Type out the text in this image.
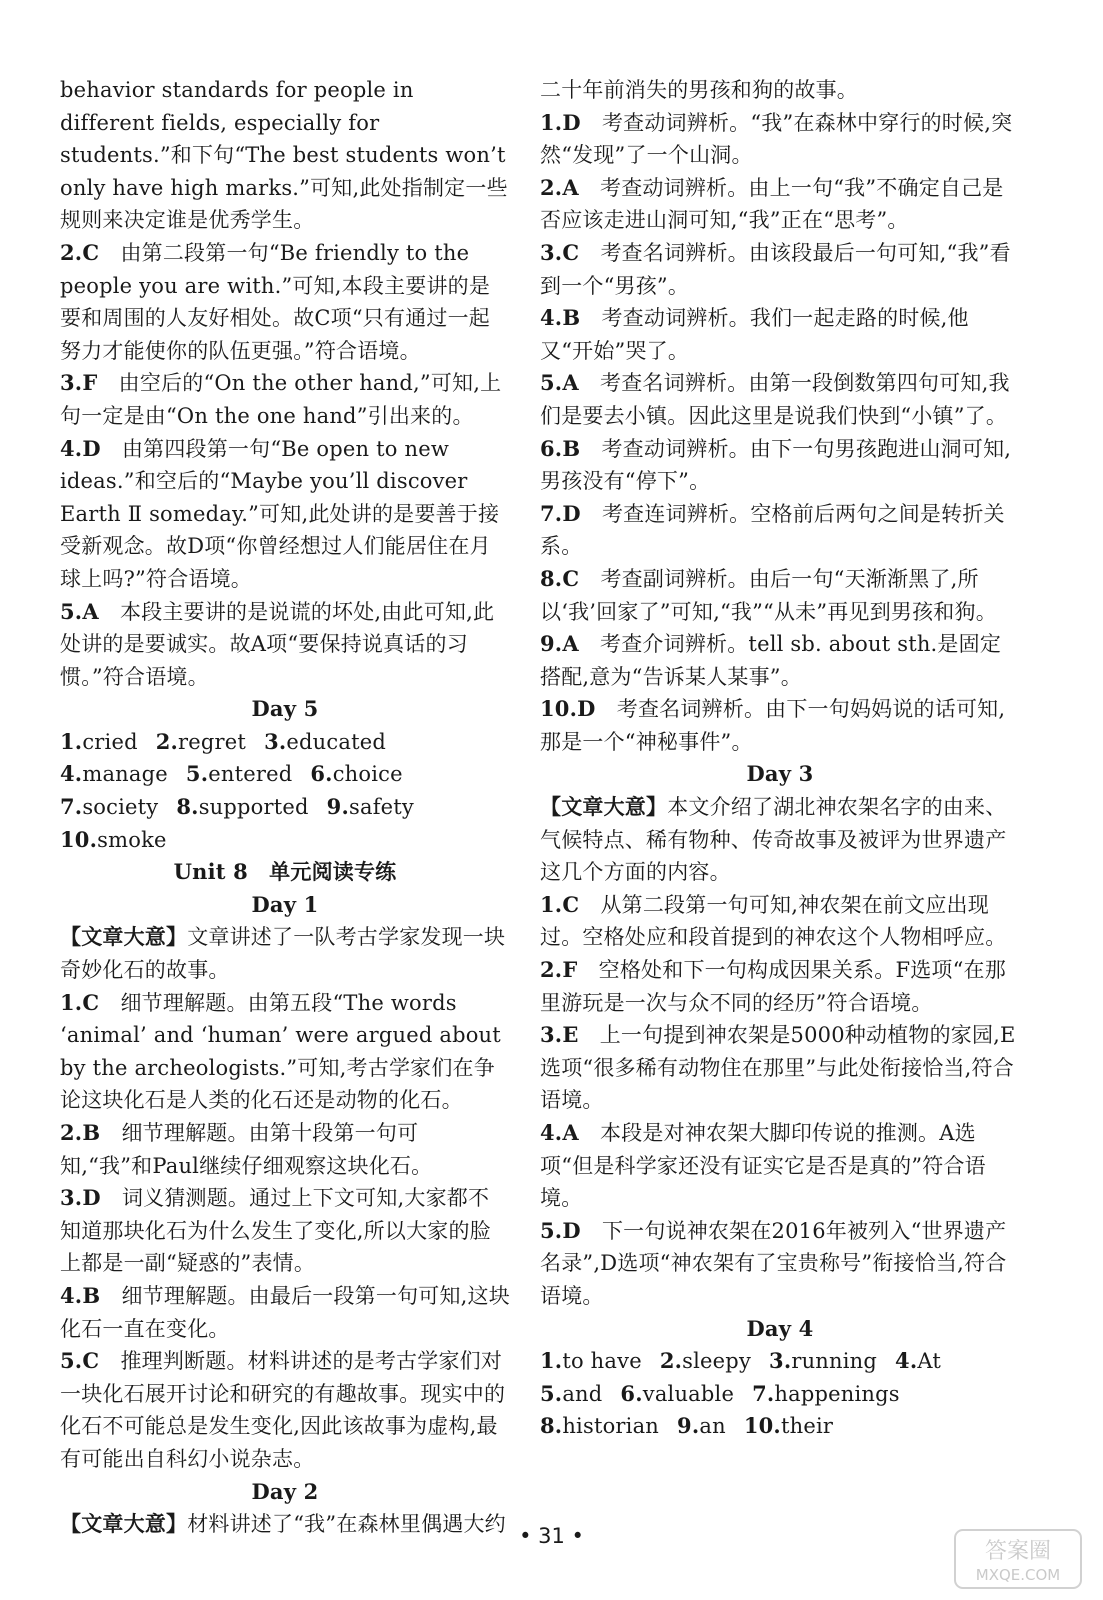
behavior standards for people in different fields, especially for students.”和下句“The best students won’t only have high marks.”可知,此处指制定一些规则来决定谁是优秀学生。

2.C　 由第二段第一句“Be friendly to the people you are with.”可知,本段主要讲的是要和周围的人友好相处。故C项“只有通过一起努力才能使你的队伍更强。”符合语境。

3.F　 由空后的“On the other hand,”可知,上句一定是由“On the one hand”引出来的。

4.D　 由第四段第一句“Be open to new ideas.”和空后的“Maybe you’ll discover Earth Ⅱ someday.”可知,此处讲的是要善于接受新观念。故D项“你曾经想过人们能居住在月球上吗?”符合语境。

5.A　 本段主要讲的是说谎的坏处,由此可知,此处讲的是要诚实。故A项“要保持说真话的习惯。”符合语境。

Day 5
1.cried 2.regret 3.educated
4.manage 5.entered 6.choice
7.society 8.supported 9.safety
10.smoke
Unit 8　单元阅读专练
Day 1

【文章大意】文章讲述了一队考古学家发现一块奇妙化石的故事。

1.C　 细节理解题。由第五段“The words ‘animal’ and ‘human’ were argued about by the archeologists.”可知,考古学家们在争论这块化石是人类的化石还是动物的化石。

2.B　 细节理解题。由第十段第一句可知,“我”和Paul继续仔细观察这块化石。

3.D　 词义猜测题。通过上下文可知,大家都不知道那块化石为什么发生了变化,所以大家的脸上都是一副“疑惑的”表情。

4.B　 细节理解题。由最后一段第一句可知,这块化石一直在变化。

5.C　 推理判断题。材料讲述的是考古学家们对一块化石展开讨论和研究的有趣故事。现实中的化石不可能总是发生变化,因此该故事为虚构,最有可能出自科幻小说杂志。

Day 2

【文章大意】材料讲述了“我”在森林里偶遇大约

二十年前消失的男孩和狗的故事。

1.D　 考查动词辨析。“我”在森林中穿行的时候,突然“发现”了一个山洞。

2.A　 考查动词辨析。由上一句“我”不确定自己是否应该走进山洞可知,“我”正在“思考”。

3.C　 考查名词辨析。由该段最后一句可知,“我”看到一个“男孩”。

4.B　 考查动词辨析。我们一起走路的时候,他又“开始”哭了。

5.A　 考查名词辨析。由第一段倒数第四句可知,我们是要去小镇。因此这里是说我们快到“小镇”了。

6.B　 考查动词辨析。由下一句男孩跑进山洞可知,男孩没有“停下”。

7.D　 考查连词辨析。空格前后两句之间是转折关系。

8.C　 考查副词辨析。由后一句“天渐渐黑了,所以‘我’回家了”可知,“我”“从未”再见到男孩和狗。

9.A　 考查介词辨析。tell sb. about sth.是固定搭配,意为“告诉某人某事”。

10.D　 考查名词辨析。由下一句妈妈说的话可知,那是一个“神秘事件”。

Day 3

【文章大意】本文介绍了湖北神农架名字的由来、气候特点、稀有物种、传奇故事及被评为世界遗产这几个方面的内容。

1.C　 从第二段第一句可知,神农架在前文应出现过。空格处应和段首提到的神农这个人物相呼应。

2.F　 空格处和下一句构成因果关系。F选项“在那里游玩是一次与众不同的经历”符合语境。

3.E　 上一句提到神农架是5000种动植物的家园,E选项“很多稀有动物住在那里”与此处衔接恰当,符合语境。

4.A　 本段是对神农架大脚印传说的推测。A选项“但是科学家还没有证实它是否是真的”符合语境。

5.D　 下一句说神农架在2016年被列入“世界遗产名录”,D选项“神农架有了宝贵称号”衔接恰当,符合语境。

Day 4
1.to have 2.sleepy 3.running 4.At
5.and 6.valuable 7.happenings
8.historian 9.an 10.their
• 31 •
答案圈
MXQE.COM
